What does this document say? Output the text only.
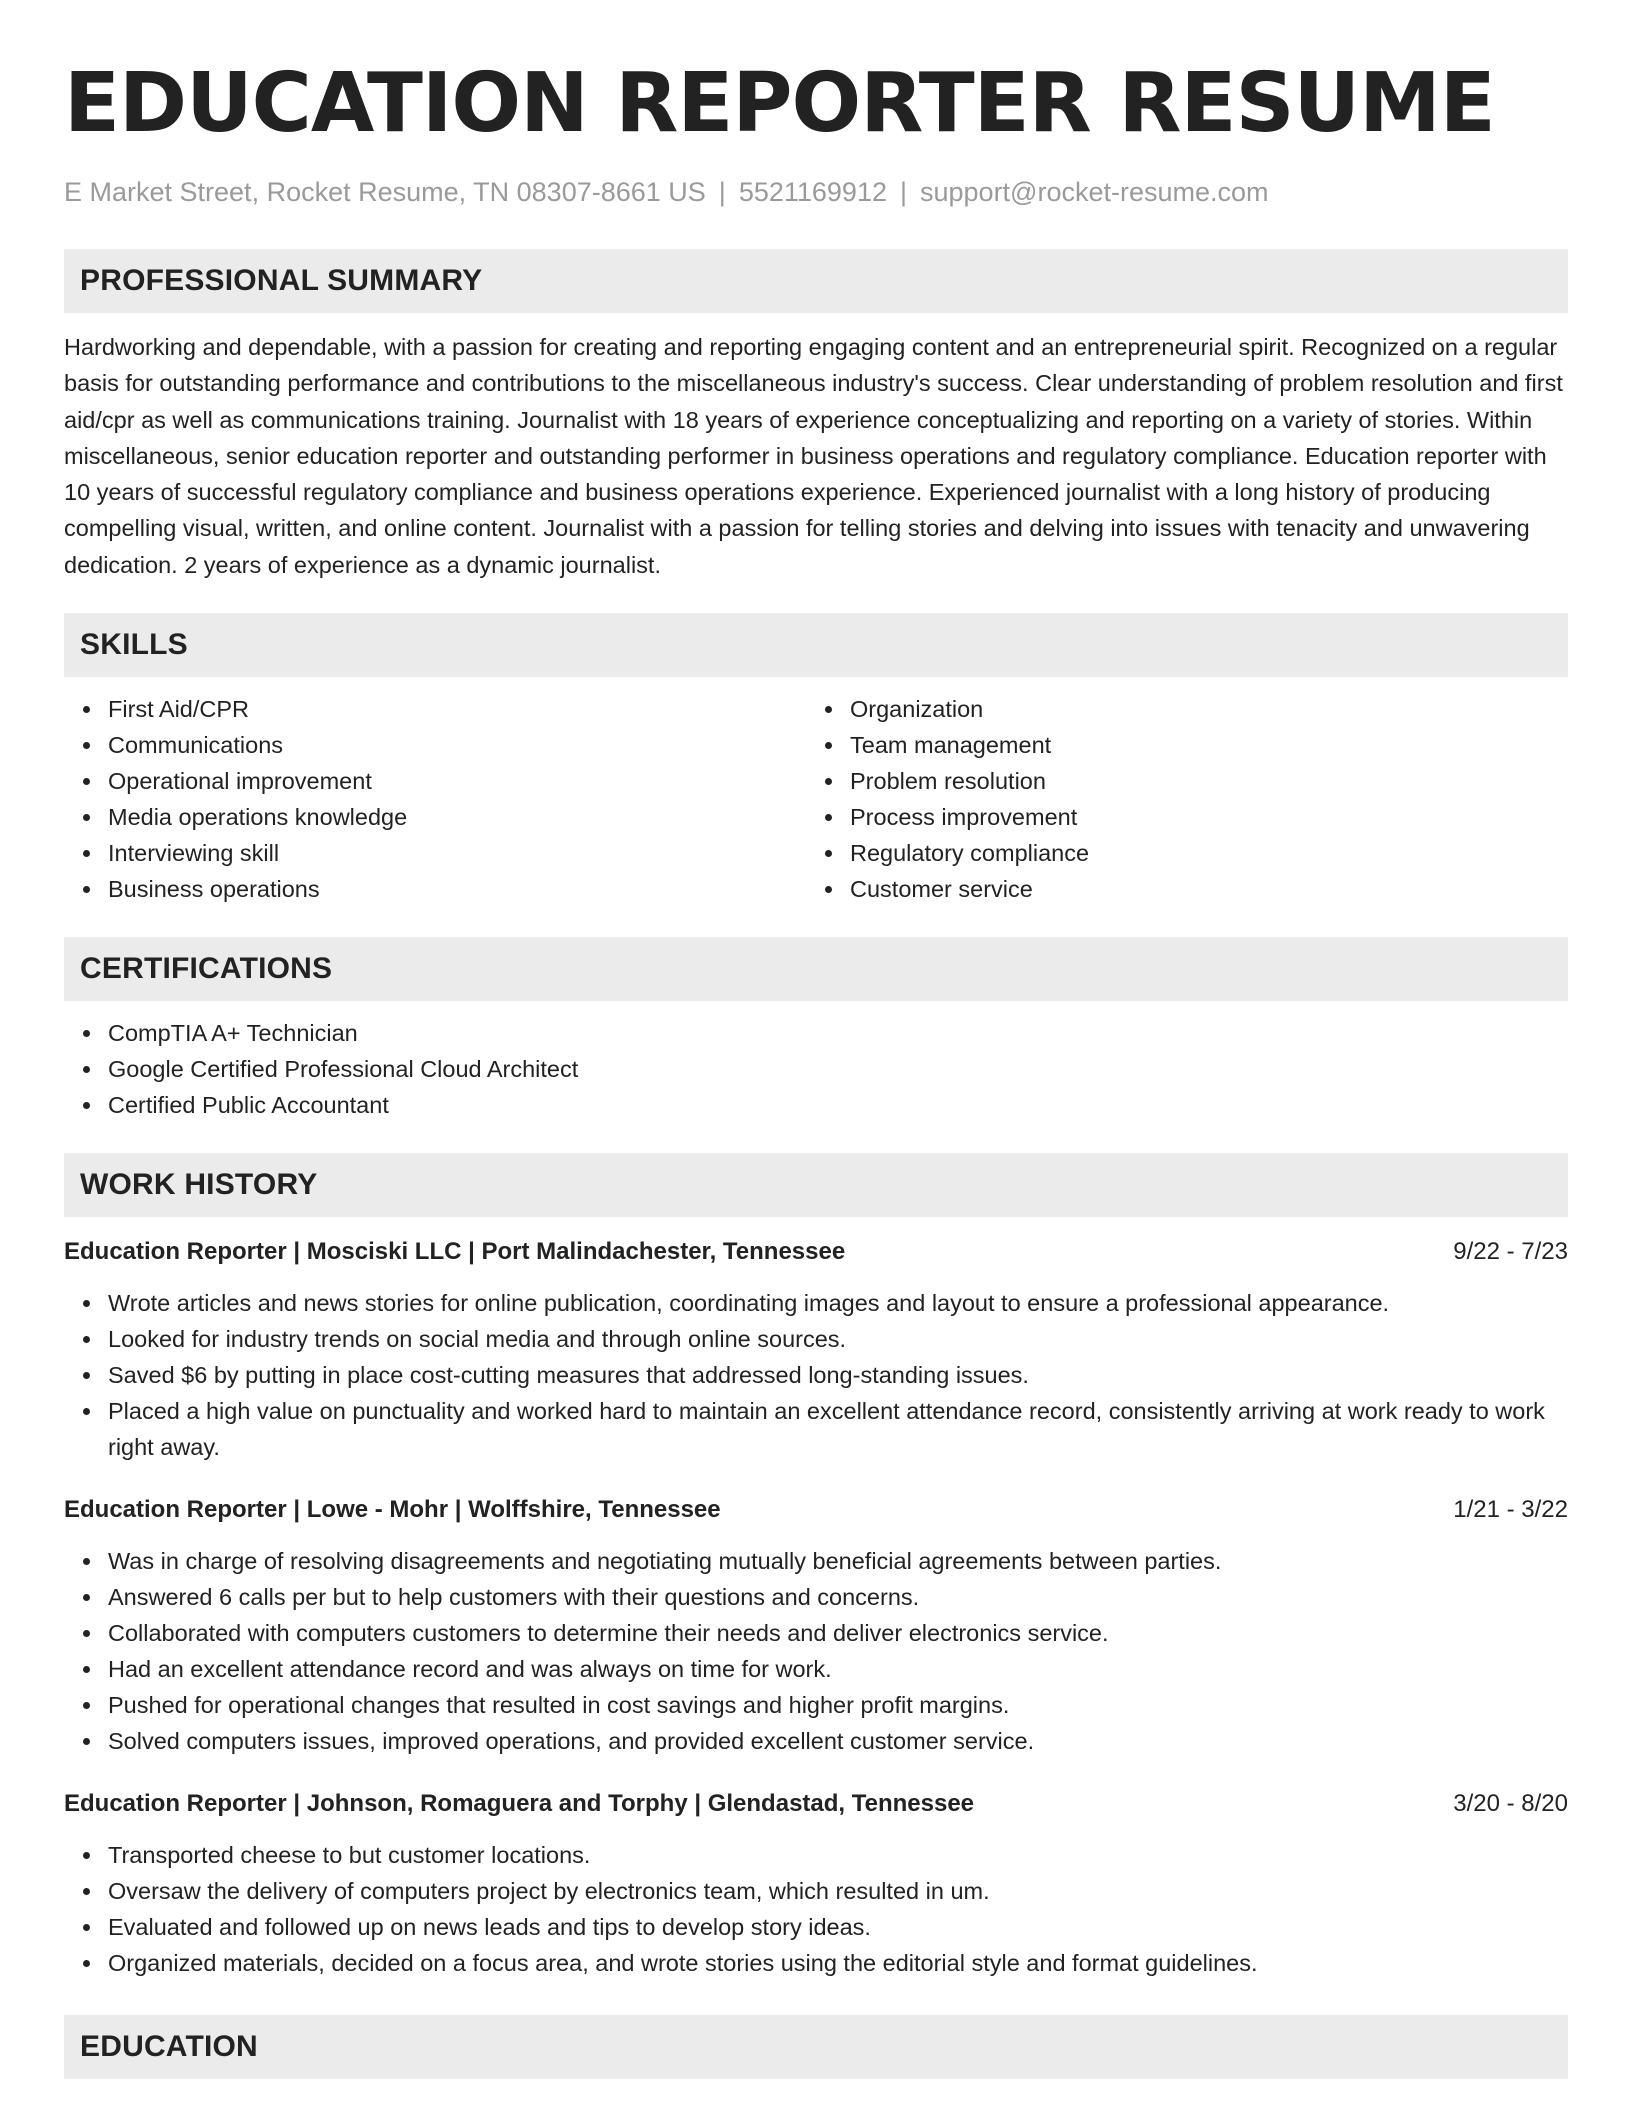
EDUCATION REPORTER RESUME
E Market Street, Rocket Resume, TN 08307-8661 US | 5521169912 | support@rocket-resume.com
PROFESSIONAL SUMMARY

Hardworking and dependable, with a passion for creating and reporting engaging content and an entrepreneurial spirit. Recognized on a regular basis for outstanding performance and contributions to the miscellaneous industry's success. Clear understanding of problem resolution and first aid/cpr as well as communications training. Journalist with 18 years of experience conceptualizing and reporting on a variety of stories. Within miscellaneous, senior education reporter and outstanding performer in business operations and regulatory compliance. Education reporter with 10 years of successful regulatory compliance and business operations experience. Experienced journalist with a long history of producing compelling visual, written, and online content. Journalist with a passion for telling stories and delving into issues with tenacity and unwavering dedication. 2 years of experience as a dynamic journalist.

SKILLS
First Aid/CPR
Communications
Operational improvement
Media operations knowledge
Interviewing skill
Business operations
Organization
Team management
Problem resolution
Process improvement
Regulatory compliance
Customer service
CERTIFICATIONS
CompTIA A+ Technician
Google Certified Professional Cloud Architect
Certified Public Accountant
WORK HISTORY
Education Reporter | Mosciski LLC | Port Malindachester, Tennessee	9/22 - 7/23
Wrote articles and news stories for online publication, coordinating images and layout to ensure a professional appearance.
Looked for industry trends on social media and through online sources.
Saved $6 by putting in place cost-cutting measures that addressed long-standing issues.
Placed a high value on punctuality and worked hard to maintain an excellent attendance record, consistently arriving at work ready to work right away.
Education Reporter | Lowe - Mohr | Wolffshire, Tennessee	1/21 - 3/22
Was in charge of resolving disagreements and negotiating mutually beneficial agreements between parties.
Answered 6 calls per but to help customers with their questions and concerns.
Collaborated with computers customers to determine their needs and deliver electronics service.
Had an excellent attendance record and was always on time for work.
Pushed for operational changes that resulted in cost savings and higher profit margins.
Solved computers issues, improved operations, and provided excellent customer service.
Education Reporter | Johnson, Romaguera and Torphy | Glendastad, Tennessee	3/20 - 8/20
Transported cheese to but customer locations.
Oversaw the delivery of computers project by electronics team, which resulted in um.
Evaluated and followed up on news leads and tips to develop story ideas.
Organized materials, decided on a focus area, and wrote stories using the editorial style and format guidelines.
EDUCATION
